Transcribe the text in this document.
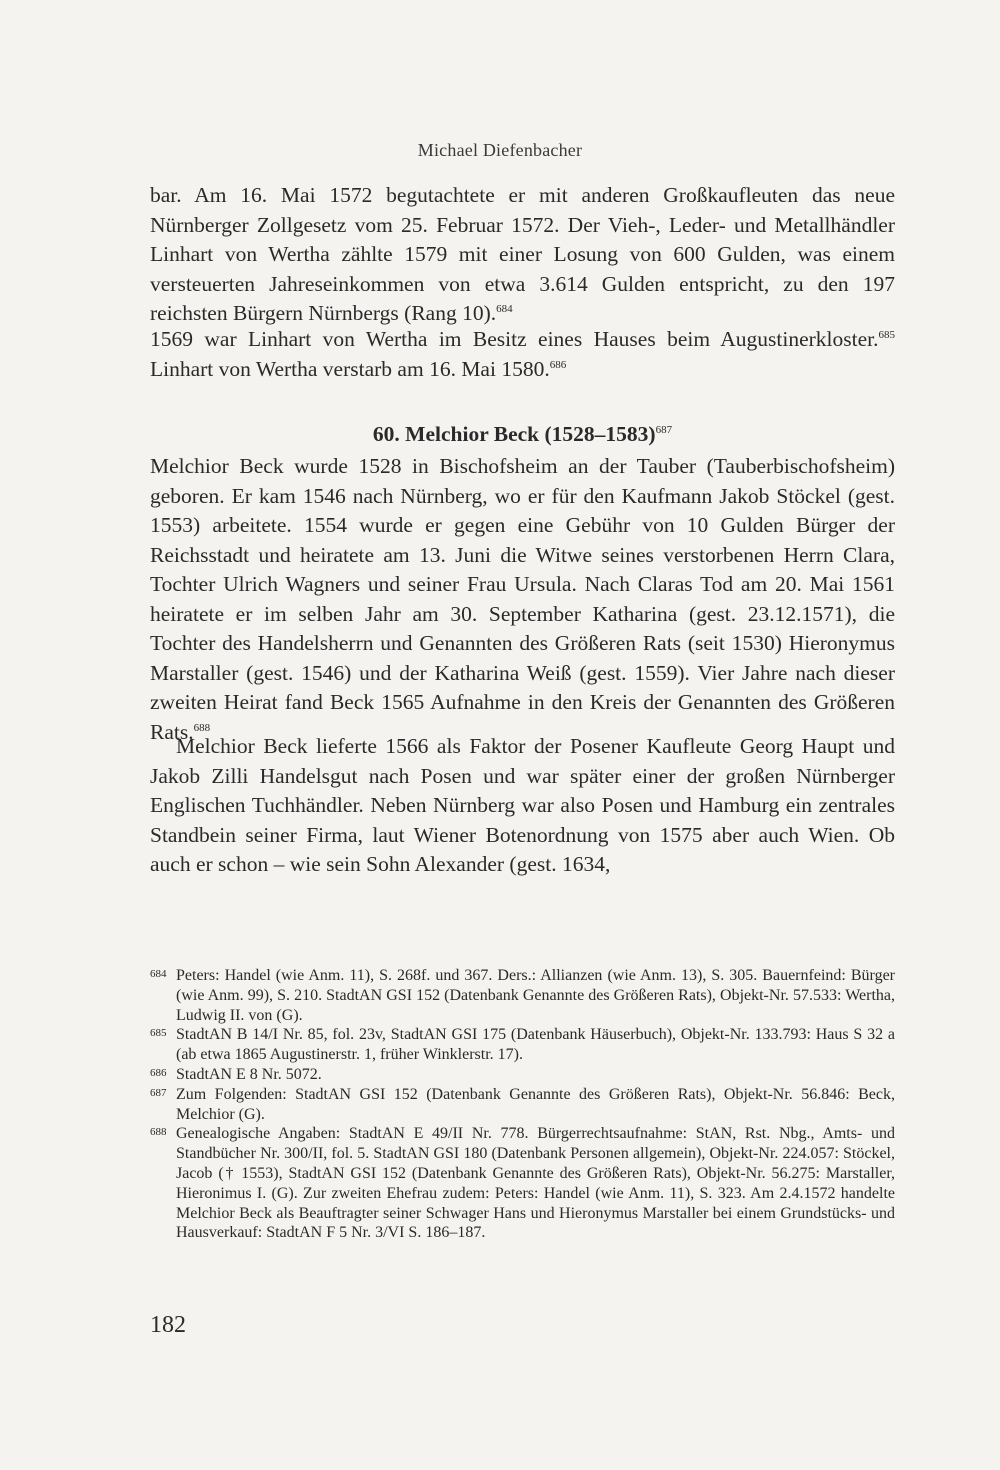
Michael Diefenbacher

bar. Am 16. Mai 1572 begutachtete er mit anderen Großkaufleuten das neue Nürnberger Zollgesetz vom 25. Februar 1572. Der Vieh-, Leder- und Metallhändler Linhart von Wertha zählte 1579 mit einer Losung von 600 Gulden, was einem versteuerten Jahreseinkommen von etwa 3.614 Gulden entspricht, zu den 197 reichsten Bürgern Nürnbergs (Rang 10).$^{684}$

1569 war Linhart von Wertha im Besitz eines Hauses beim Augustinerkloster.$^{685}$ Linhart von Wertha verstarb am 16. Mai 1580.$^{686}$

60. Melchior Beck (1528–1583)$^{687}$

Melchior Beck wurde 1528 in Bischofsheim an der Tauber (Tauberbischofsheim) geboren. Er kam 1546 nach Nürnberg, wo er für den Kaufmann Jakob Stöckel (gest. 1553) arbeitete. 1554 wurde er gegen eine Gebühr von 10 Gulden Bürger der Reichsstadt und heiratete am 13. Juni die Witwe seines verstorbenen Herrn Clara, Tochter Ulrich Wagners und seiner Frau Ursula. Nach Claras Tod am 20. Mai 1561 heiratete er im selben Jahr am 30. September Katharina (gest. 23.12.1571), die Tochter des Handelsherrn und Genannten des Größeren Rats (seit 1530) Hieronymus Marstaller (gest. 1546) und der Katharina Weiß (gest. 1559). Vier Jahre nach dieser zweiten Heirat fand Beck 1565 Aufnahme in den Kreis der Genannten des Größeren Rats.$^{688}$

Melchior Beck lieferte 1566 als Faktor der Posener Kaufleute Georg Haupt und Jakob Zilli Handelsgut nach Posen und war später einer der großen Nürnberger Englischen Tuchhändler. Neben Nürnberg war also Posen und Hamburg ein zentrales Standbein seiner Firma, laut Wiener Botenordnung von 1575 aber auch Wien. Ob auch er schon – wie sein Sohn Alexander (gest. 1634,

684 Peters: Handel (wie Anm. 11), S. 268f. und 367. Ders.: Allianzen (wie Anm. 13), S. 305. Bauernfeind: Bürger (wie Anm. 99), S. 210. StadtAN GSI 152 (Datenbank Genannte des Größeren Rats), Objekt-Nr. 57.533: Wertha, Ludwig II. von (G).
685 StadtAN B 14/I Nr. 85, fol. 23v, StadtAN GSI 175 (Datenbank Häuserbuch), Objekt-Nr. 133.793: Haus S 32 a (ab etwa 1865 Augustinerstr. 1, früher Winklerstr. 17).
686 StadtAN E 8 Nr. 5072.
687 Zum Folgenden: StadtAN GSI 152 (Datenbank Genannte des Größeren Rats), Objekt-Nr. 56.846: Beck, Melchior (G).
688 Genealogische Angaben: StadtAN E 49/II Nr. 778. Bürgerrechtsaufnahme: StAN, Rst. Nbg., Amts- und Standbücher Nr. 300/II, fol. 5. StadtAN GSI 180 (Datenbank Personen allgemein), Objekt-Nr. 224.057: Stöckel, Jacob († 1553), StadtAN GSI 152 (Datenbank Genannte des Größeren Rats), Objekt-Nr. 56.275: Marstaller, Hieronimus I. (G). Zur zweiten Ehefrau zudem: Peters: Handel (wie Anm. 11), S. 323. Am 2.4.1572 handelte Melchior Beck als Beauftragter seiner Schwager Hans und Hieronymus Marstaller bei einem Grundstücks- und Hausverkauf: StadtAN F 5 Nr. 3/VI S. 186–187.
182
